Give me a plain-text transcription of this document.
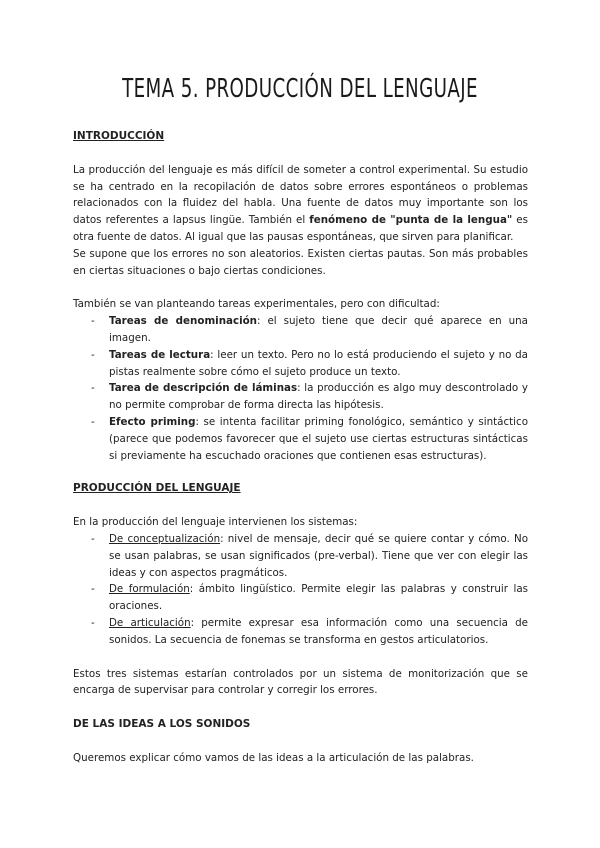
TEMA 5. PRODUCCIÓN DEL LENGUAJE
INTRODUCCIÓN

La producción del lenguaje es más difícil de someter a control experimental. Su estudio se ha centrado en la recopilación de datos sobre errores espontáneos o problemas relacionados con la fluidez del habla. Una fuente de datos muy importante son los datos referentes a lapsus lingüe. También el fenómeno de "punta de la lengua" es otra fuente de datos. Al igual que las pausas espontáneas, que sirven para planificar.

Se supone que los errores no son aleatorios. Existen ciertas pautas. Son más probables en ciertas situaciones o bajo ciertas condiciones.

También se van planteando tareas experimentales, pero con dificultad:

- Tareas de denominación: el sujeto tiene que decir qué aparece en una imagen.
- Tareas de lectura: leer un texto. Pero no lo está produciendo el sujeto y no da pistas realmente sobre cómo el sujeto produce un texto.
- Tarea de descripción de láminas: la producción es algo muy descontrolado y no permite comprobar de forma directa las hipótesis.
- Efecto priming: se intenta facilitar priming fonológico, semántico y sintáctico (parece que podemos favorecer que el sujeto use ciertas estructuras sintácticas si previamente ha escuchado oraciones que contienen esas estructuras).
PRODUCCIÓN DEL LENGUAJE

En la producción del lenguaje intervienen los sistemas:

- De conceptualización: nivel de mensaje, decir qué se quiere contar y cómo. No se usan palabras, se usan significados (pre-verbal). Tiene que ver con elegir las ideas y con aspectos pragmáticos.
- De formulación: ámbito lingüístico. Permite elegir las palabras y construir las oraciones.
- De articulación: permite expresar esa información como una secuencia de sonidos. La secuencia de fonemas se transforma en gestos articulatorios.

Estos tres sistemas estarían controlados por un sistema de monitorización que se encarga de supervisar para controlar y corregir los errores.

DE LAS IDEAS A LOS SONIDOS

Queremos explicar cómo vamos de las ideas a la articulación de las palabras.
